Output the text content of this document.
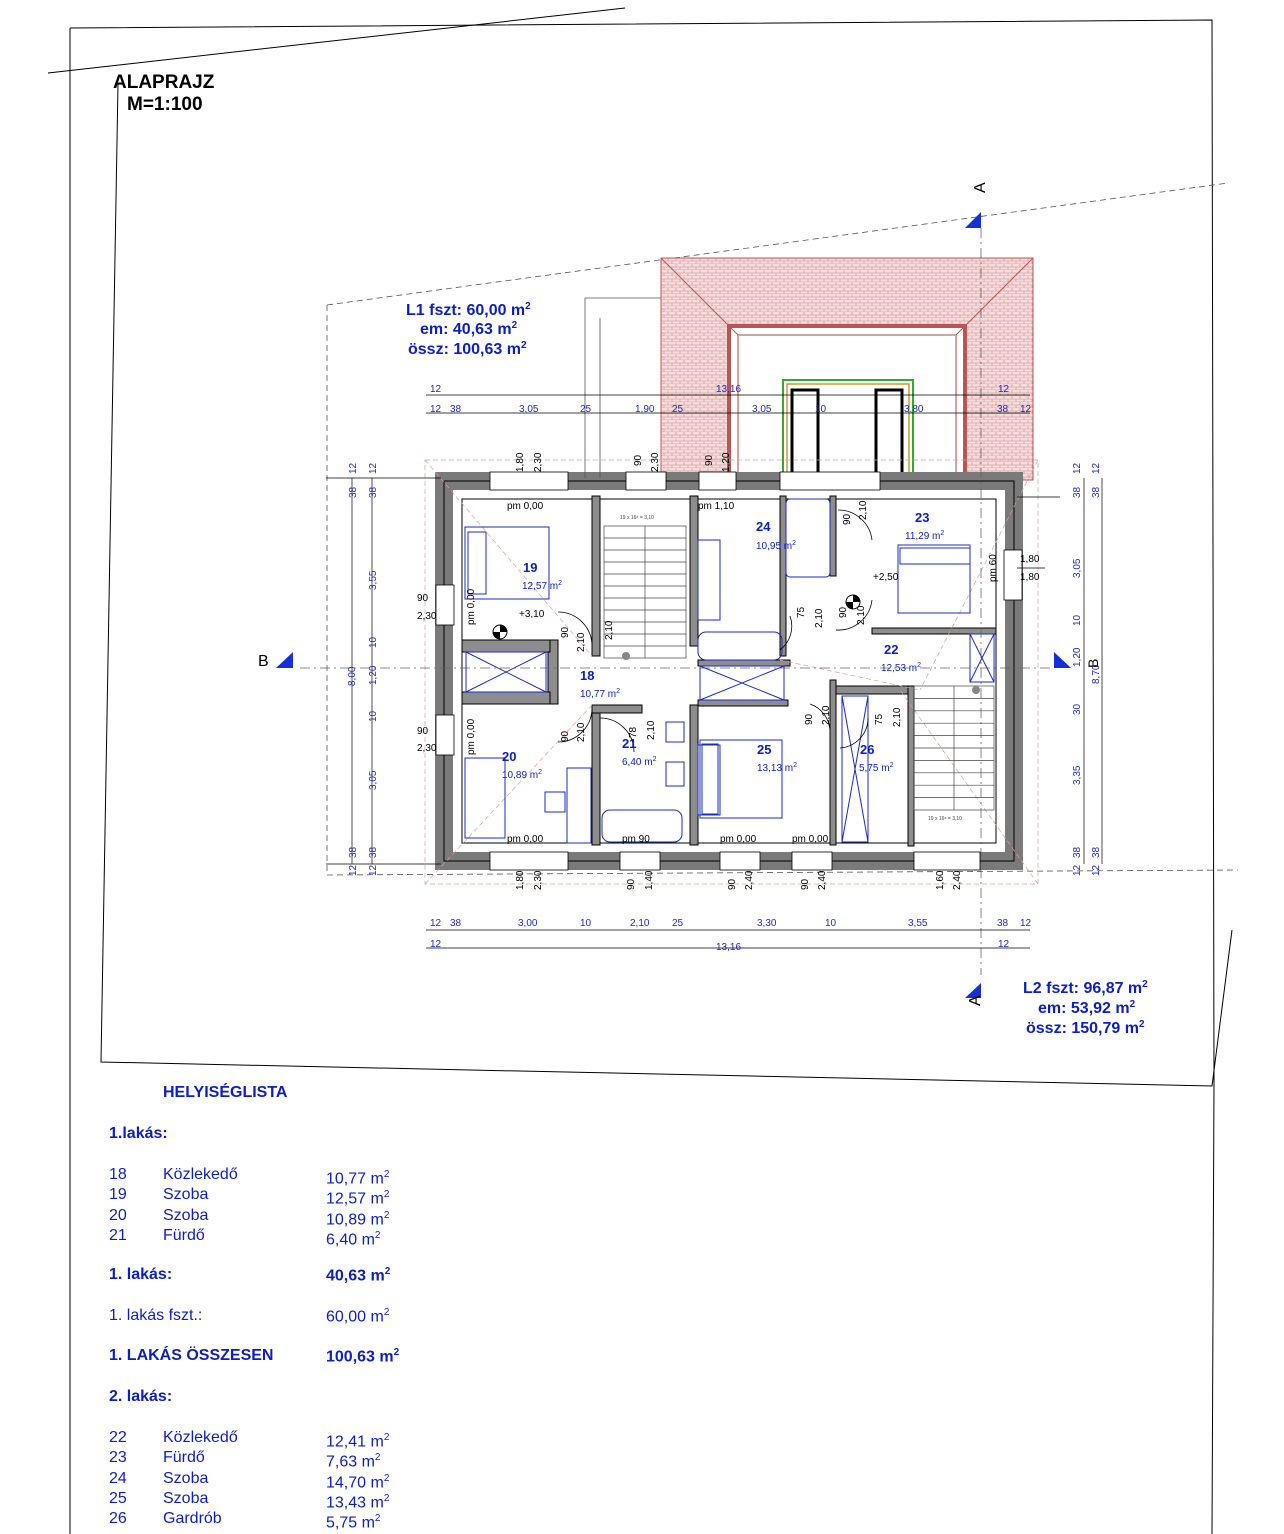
B	B
A
A
19 x 16⁸ = 3,10
19 x 16⁸ = 3,10
L1 fszt: 60,00 $m^2$
em: 40,63 $m^2$
össz: 100,63 $m^2$
L2 fszt: 96,87 $m^2$
em: 53,92 $m^2$
össz: 150,79 $m^2$
19
12,57 $m^2$
18
10,77 $m^2$
20
10,89 $m^2$
21
6,40 $m^2$
24
10,95 $m^2$
23
11,29 $m^2$
22
12,53 $m^2$
25
13,13 $m^2$
26
5,75 $m^2$
pm 0,00	pm 1,10
+3,10
+2,50
pm 0,00	pm 90	pm 0,00	pm 0,00
pm 0,00
pm 0,00
pm 60
12	13,16	12
12 38	3,05	25	1,90 25	3,05	10	3,80	38 12
12 38	3,00	10	2,10 25	3,30	10	3,55	38 12
12	13,16	12
38
12
38
12
3,55
10
1,20
10
3,05
38
12
38
12
8,00
38
12
38
12
3,05
10
1,20
30
3,35
38
12
38
12
8,70
1,80 2,30	90 2,30	90 1,20
1,80 2,30	90 1,40	90 2,40	90 2,40	1,60 2,40
90
2,30
90
2,30
1,80
1,80
90
2,10
2,10
90 2,10	78 2,10
75 2,10
90 2,10
90 2,10
90 2,10	75 2,10
ALAPRAJZ
M=1:100
HELYISÉGLISTA
1.lakás:
18 Közlekedő	10,77 $m^2$
19 Szoba	12,57 $m^2$
20 Szoba	10,89 $m^2$
21 Fürdő	6,40 $m^2$
1. lakás:	40,63 $m^2$
1. lakás fszt.:	60,00 $m^2$
1. LAKÁS ÖSSZESEN	100,63 $m^2$
2. lakás:
22 Közlekedő	12,41 $m^2$
23 Fürdő	7,63 $m^2$
24 Szoba	14,70 $m^2$
25 Szoba	13,43 $m^2$
26 Gardrób	5,75 $m^2$
